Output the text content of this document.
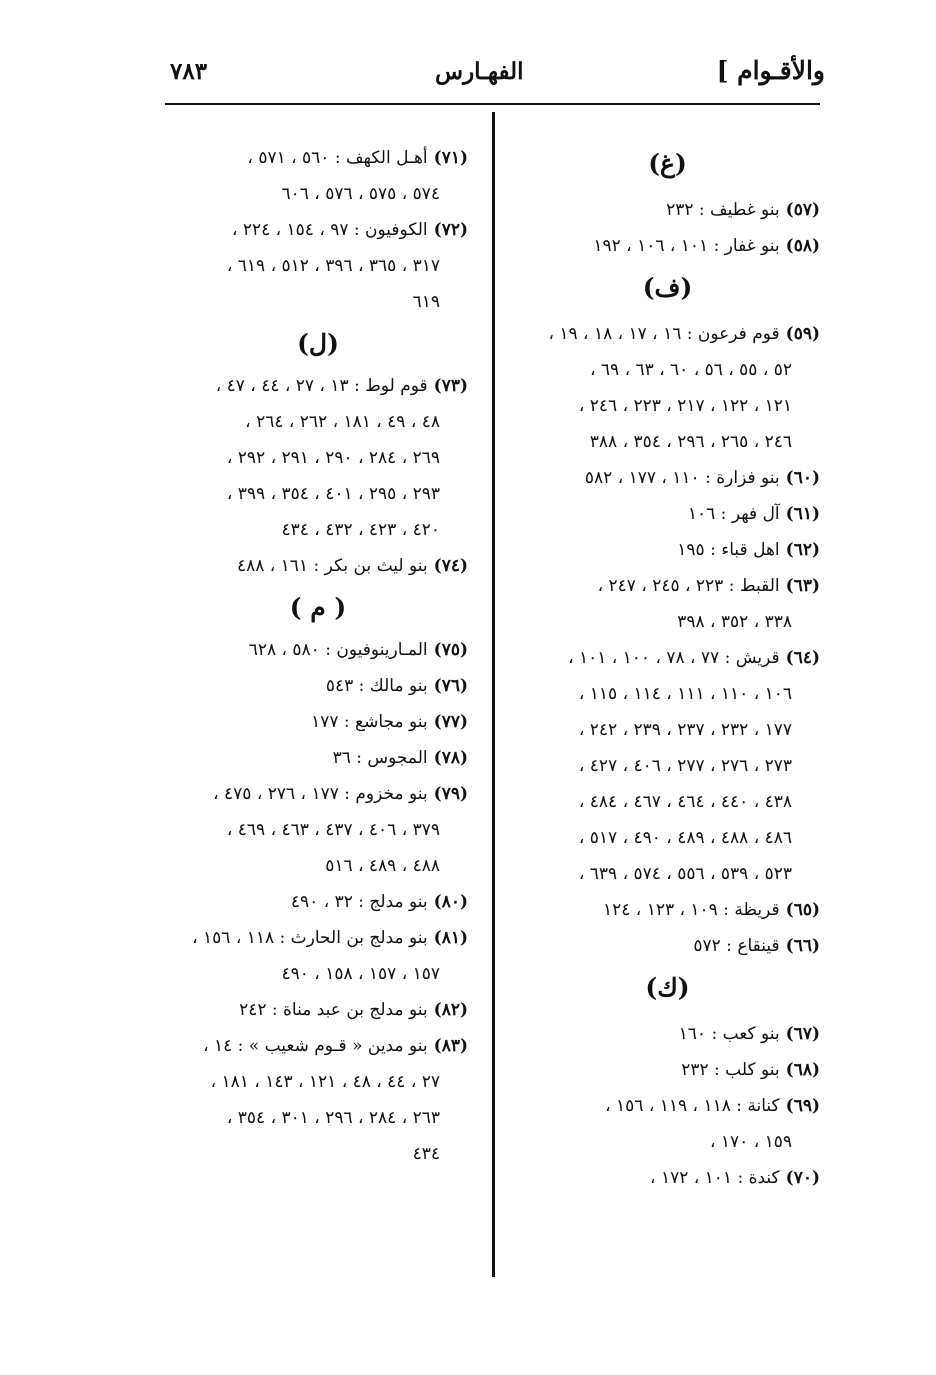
والأقـوام ]
الفهـارس
٧٨٣
(غ)
(٥٧)بنو غطيف : ٢٣٢
(٥٨)بنو غفار : ١٠١ ، ١٠٦ ، ١٩٢
(ف)
(٥٩)قوم فرعون : ١٦ ، ١٧ ، ١٨ ، ١٩ ،
٥٢ ، ٥٥ ، ٥٦ ، ٦٠ ، ٦٣ ، ٦٩ ،
١٢١ ، ١٢٢ ، ٢١٧ ، ٢٢٣ ، ٢٤٦ ،
٢٤٦ ، ٢٦٥ ، ٢٩٦ ، ٣٥٤ ، ٣٨٨
(٦٠)بنو فزارة : ١١٠ ، ١٧٧ ، ٥٨٢
(٦١)آل فهر : ١٠٦
(٦٢)اهل قباء : ١٩٥
(٦٣)القبط : ٢٢٣ ، ٢٤٥ ، ٢٤٧ ،
٣٣٨ ، ٣٥٢ ، ٣٩٨
(٦٤)قريش : ٧٧ ، ٧٨ ، ١٠٠ ، ١٠١ ،
١٠٦ ، ١١٠ ، ١١١ ، ١١٤ ، ١١٥ ،
١٧٧ ، ٢٣٢ ، ٢٣٧ ، ٢٣٩ ، ٢٤٢ ،
٢٧٣ ، ٢٧٦ ، ٢٧٧ ، ٤٠٦ ، ٤٢٧ ،
٤٣٨ ، ٤٤٠ ، ٤٦٤ ، ٤٦٧ ، ٤٨٤ ،
٤٨٦ ، ٤٨٨ ، ٤٨٩ ، ٤٩٠ ، ٥١٧ ،
٥٢٣ ، ٥٣٩ ، ٥٥٦ ، ٥٧٤ ، ٦٣٩ ،
(٦٥)قريظة : ١٠٩ ، ١٢٣ ، ١٢٤
(٦٦)قينقاع : ٥٧٢
(ك)
(٦٧)بنو كعب : ١٦٠
(٦٨)بنو كلب : ٢٣٢
(٦٩)كنانة : ١١٨ ، ١١٩ ، ١٥٦ ،
١٥٩ ، ١٧٠ ،
(٧٠)كندة : ١٠١ ، ١٧٢ ،
(٧١)أهـل الكهف : ٥٦٠ ، ٥٧١ ،
٥٧٤ ، ٥٧٥ ، ٥٧٦ ، ٦٠٦
(٧٢)الكوفيون : ٩٧ ، ١٥٤ ، ٢٢٤ ،
٣١٧ ، ٣٦٥ ، ٣٩٦ ، ٥١٢ ، ٦١٩ ،
٦١٩
(ل)
(٧٣)قوم لوط : ١٣ ، ٢٧ ، ٤٤ ، ٤٧ ،
٤٨ ، ٤٩ ، ١٨١ ، ٢٦٢ ، ٢٦٤ ،
٢٦٩ ، ٢٨٤ ، ٢٩٠ ، ٢٩١ ، ٢٩٢ ،
٢٩٣ ، ٢٩٥ ، ٤٠١ ، ٣٥٤ ، ٣٩٩ ،
٤٢٠ ، ٤٢٣ ، ٤٣٢ ، ٤٣٤
(٧٤)بنو ليث بن بكر : ١٦١ ، ٤٨٨
( م )
(٧٥)المـارينوفيون : ٥٨٠ ، ٦٢٨
(٧٦)بنو مالك : ٥٤٣
(٧٧)بنو مجاشع : ١٧٧
(٧٨)المجوس : ٣٦
(٧٩)بنو مخزوم : ١٧٧ ، ٢٧٦ ، ٤٧٥ ،
٣٧٩ ، ٤٠٦ ، ٤٣٧ ، ٤٦٣ ، ٤٦٩ ،
٤٨٨ ، ٤٨٩ ، ٥١٦
(٨٠)بنو مدلج : ٣٢ ، ٤٩٠
(٨١)بنو مدلج بن الحارث : ١١٨ ، ١٥٦ ،
١٥٧ ، ١٥٧ ، ١٥٨ ، ٤٩٠
(٨٢)بنو مدلج بن عبد مناة : ٢٤٢
(٨٣)بنو مدين « قـوم شعيب » : ١٤ ،
٢٧ ، ٤٤ ، ٤٨ ، ١٢١ ، ١٤٣ ، ١٨١ ،
٢٦٣ ، ٢٨٤ ، ٢٩٦ ، ٣٠١ ، ٣٥٤ ،
٤٣٤
